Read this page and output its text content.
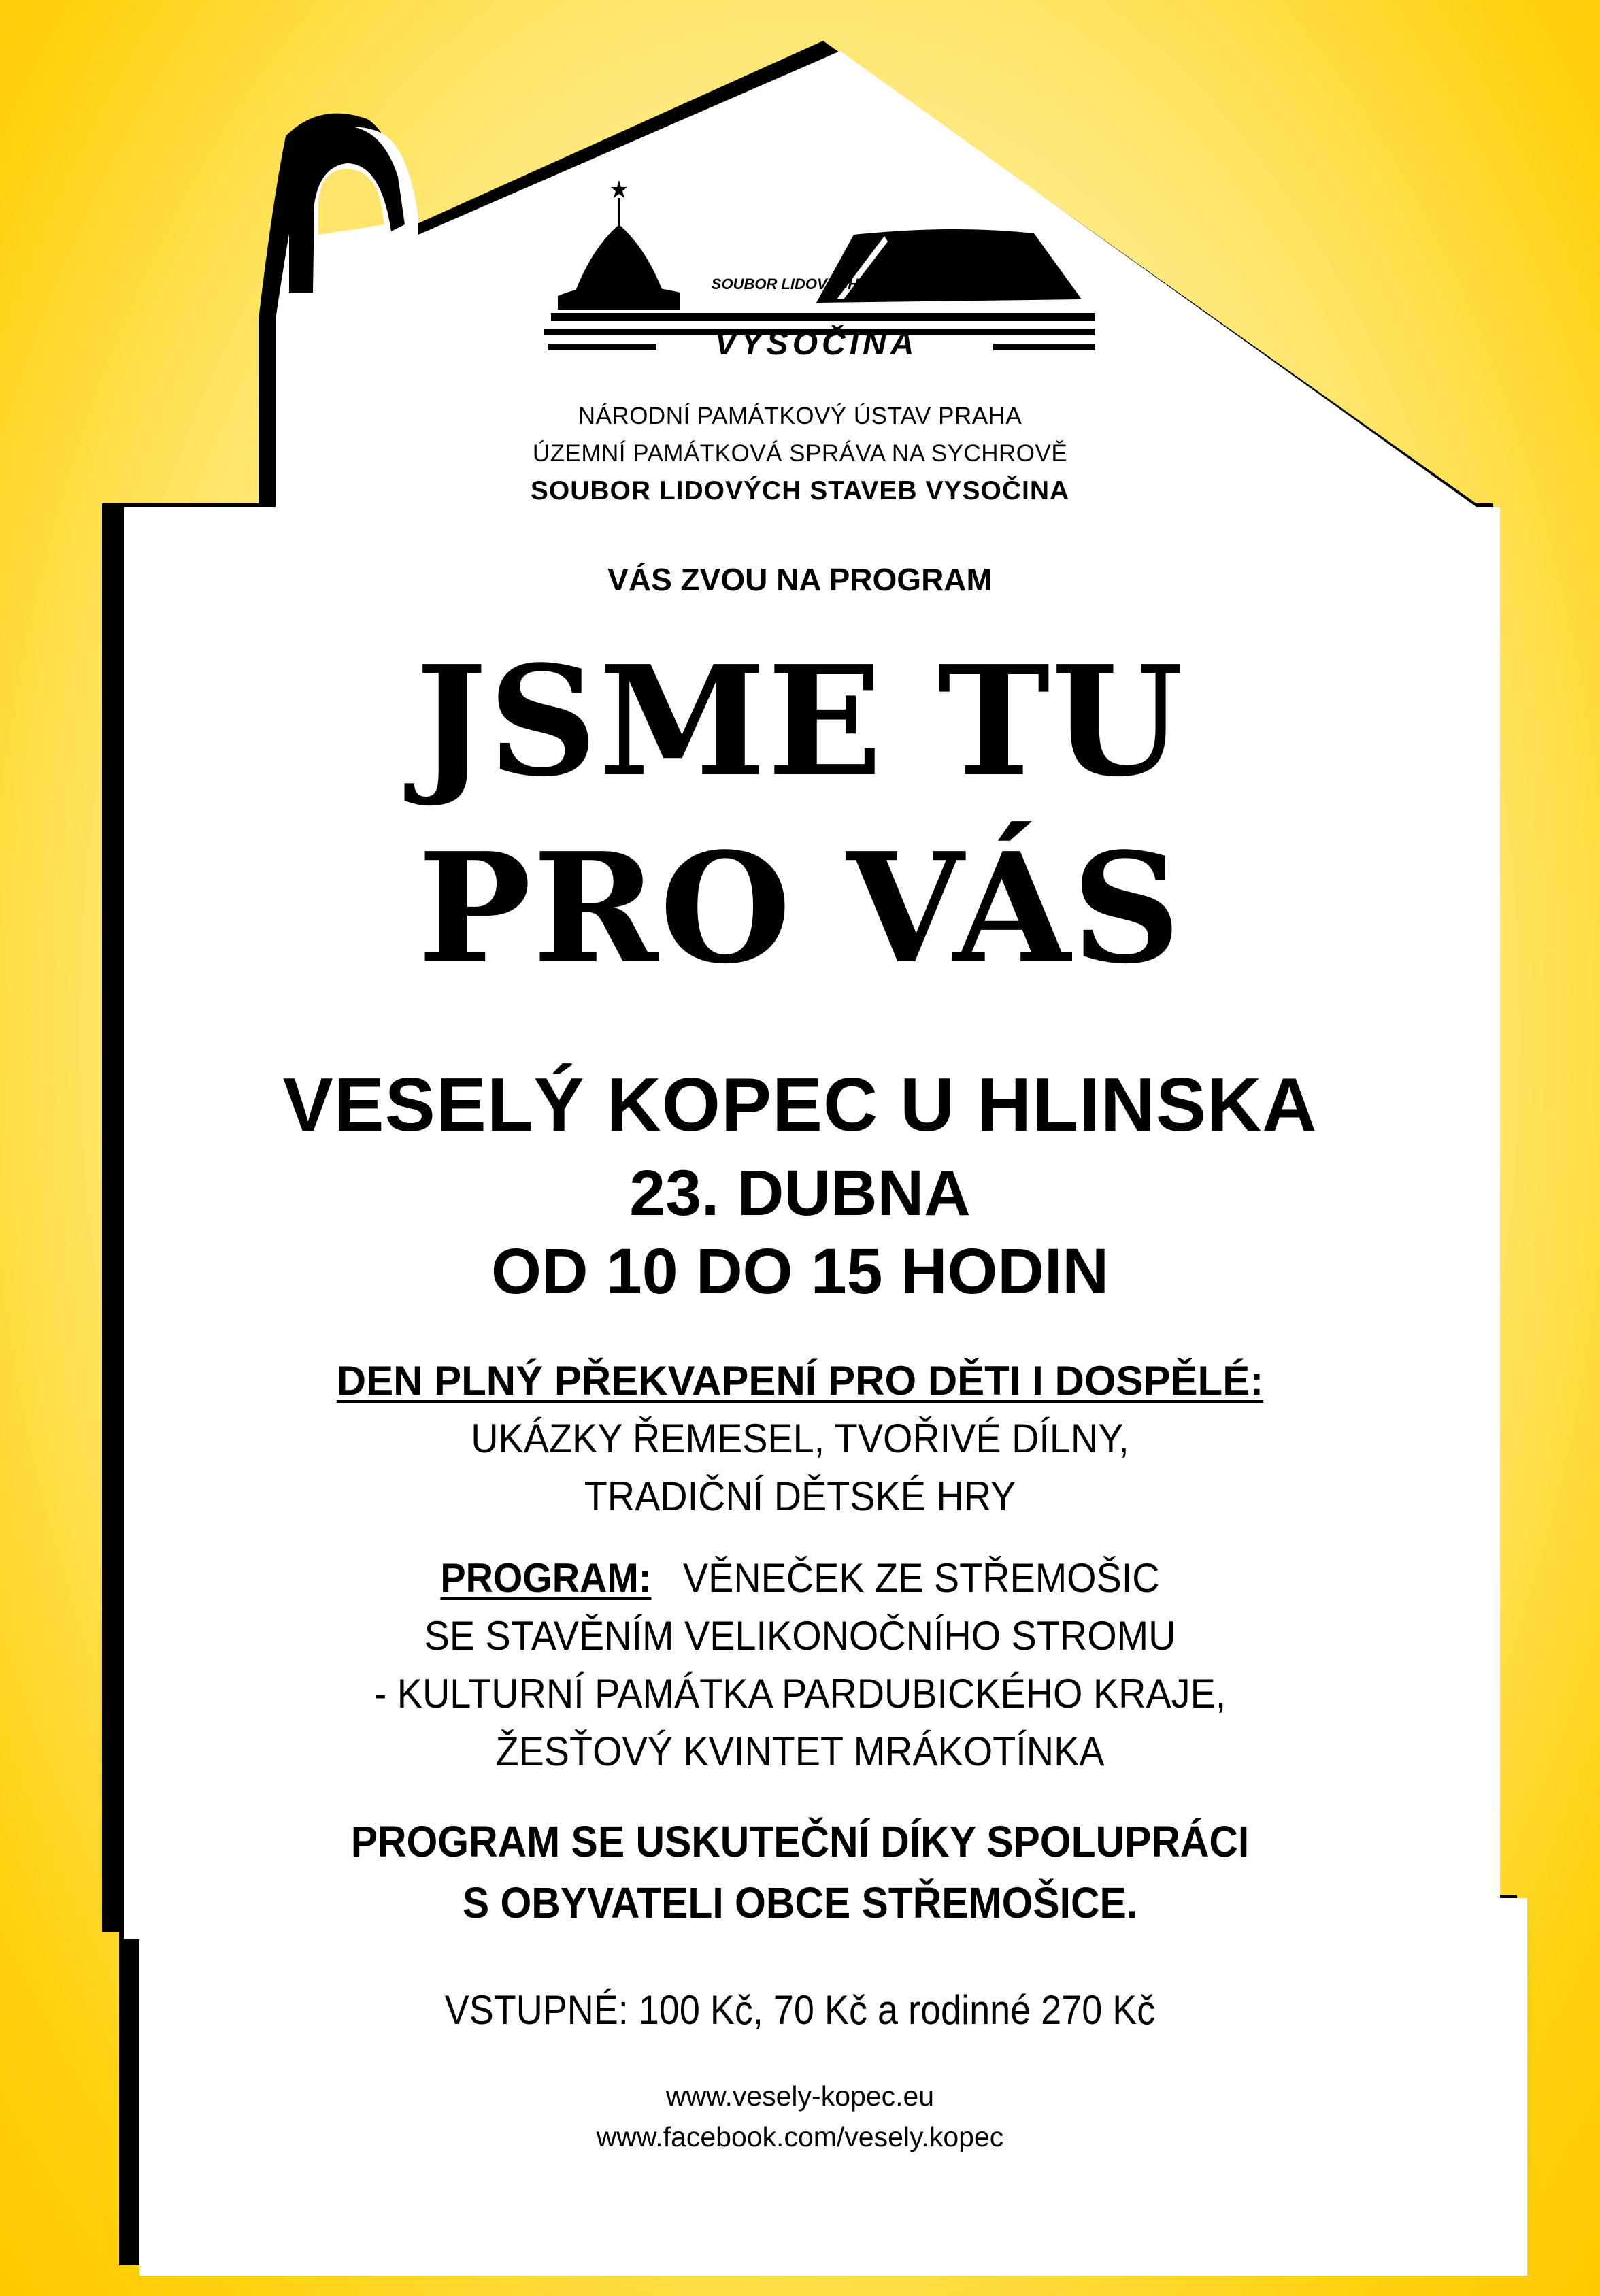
SOUBOR LIDOVÝCH STAVEB
VYSOČINA
NÁRODNÍ PAMÁTKOVÝ ÚSTAV PRAHA
ÚZEMNÍ PAMÁTKOVÁ SPRÁVA NA SYCHROVĚ
SOUBOR LIDOVÝCH STAVEB VYSOČINA
VÁS ZVOU NA PROGRAM
JSME TU
PRO VÁS
VESELÝ KOPEC U HLINSKA
23. DUBNA
OD 10 DO 15 HODIN
DEN PLNÝ PŘEKVAPENÍ PRO DĚTI I DOSPĚLÉ:
UKÁZKY ŘEMESEL, TVOŘIVÉ DÍLNY,
TRADIČNÍ DĚTSKÉ HRY
PROGRAM: VĚNEČEK ZE STŘEMOŠIC
SE STAVĚNÍM VELIKONOČNÍHO STROMU
- KULTURNÍ PAMÁTKA PARDUBICKÉHO KRAJE,
ŽESŤOVÝ KVINTET MRÁKOTÍNKA
PROGRAM SE USKUTEČNÍ DÍKY SPOLUPRÁCI
S OBYVATELI OBCE STŘEMOŠICE.
VSTUPNÉ: 100 Kč, 70 Kč a rodinné 270 Kč
www.vesely-kopec.eu
www.facebook.com/vesely.kopec
